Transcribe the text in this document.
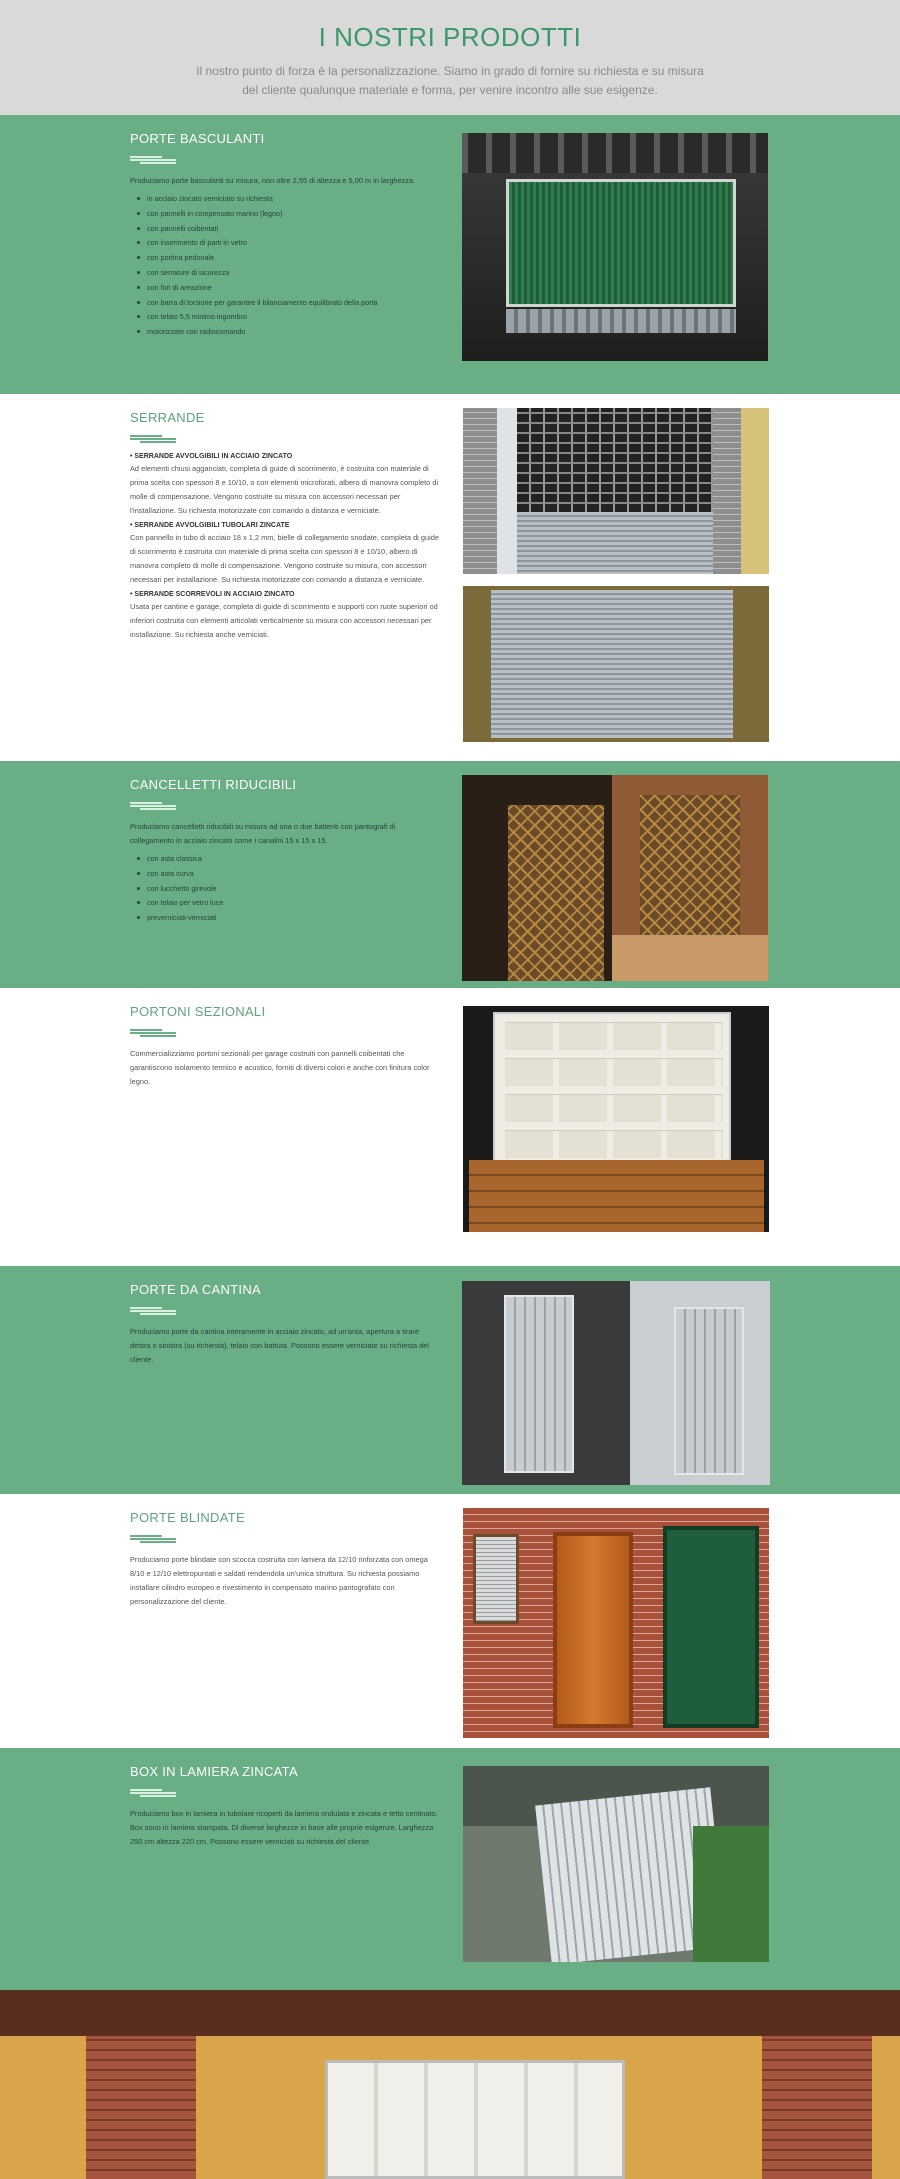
I NOSTRI PRODOTTI

Il nostro punto di forza è la personalizzazione. Siamo in grado di fornire su richiesta e su misura del cliente qualunque materiale e forma, per venire incontro alle sue esigenze.

PORTE BASCULANTI
Produciamo porte basculanti su misura, non oltre 2,55 di altezza e 5,00 m in larghezza.
in acciaio zincato verniciato su richiesta
con pannelli in compensato marino (legno)
con pannelli coibentati
con inserimento di parti in vetro
con portina pedonale
con serrature di sicurezza
con fori di areazione
con barra di torsione per garantire il bilanciamento equilibrato della porta
con telaio 5,5 minimo ingombro
motorizzate con radiocomando
SERRANDE
• SERRANDE AVVOLGIBILI IN ACCIAIO ZINCATO
Ad elementi chiusi agganciati, completa di guide di scorrimento, è costruita con materiale di prima scelta con spessori 8 e 10/10, o con elementi microforati, albero di manovra completo di molle di compensazione. Vengono costruite su misura con accessori necessari per l'installazione. Su richiesta motorizzate con comando a distanza e verniciate.
• SERRANDE AVVOLGIBILI TUBOLARI ZINCATE
Con pannello in tubo di acciaio 18 x 1,2 mm, bielle di collegamento snodate, completa di guide di scorrimento è costruita con materiale di prima scelta con spessori 8 e 10/10, albero di manovra completo di molle di compensazione. Vengono costruite su misura, con accessori necessari per installazione. Su richiesta motorizzate con comando a distanza e verniciate.
• SERRANDE SCORREVOLI IN ACCIAIO ZINCATO
Usata per cantine e garage, completa di guide di scorrimento e supporti con ruote superiori od inferiori costruita con elementi articolati verticalmente su misura con accessori necessari per installazione. Su richiesta anche verniciati.
CANCELLETTI RIDUCIBILI
Produciamo cancelletti riducibili su misura ad una o due battenti con pantografi di collegamento in acciaio zincato come i canalini 15 x 15 x 15.
con asta classica
con asta curva
con lucchetto girevole
con telaio per vetro luce
preverniciati-verniciati
PORTONI SEZIONALI
Commercializziamo portoni sezionali per garage costruiti con pannelli coibentati che garantiscono isolamento termico e acustico, forniti di diversi colori e anche con finitura color legno.
PORTE DA CANTINA
Produciamo porte da cantina interamente in acciaio zincato, ad un'anta, apertura a tirare destra o sinistra (su richiesta), telaio con battuta. Possono essere verniciate su richiesta del cliente.
PORTE BLINDATE
Produciamo porte blindate con scocca costruita con lamiera da 12/10 rinforzata con omega 8/10 e 12/10 elettropuntati e saldati rendendola un'unica struttura. Su richiesta possiamo installare cilindro europeo e rivestimento in compensato marino pantografato con personalizzazione del cliente.
BOX IN LAMIERA ZINCATA
Produciamo box in lamiera in tubolare ricoperti da lamiera ondulata e zincata e tetto centinato. Box sono in lamiera stampata. Di diverse larghezze in base alle proprie esigenze. Larghezza 250 cm altezza 220 cm. Possono essere verniciati su richiesta del cliente.
